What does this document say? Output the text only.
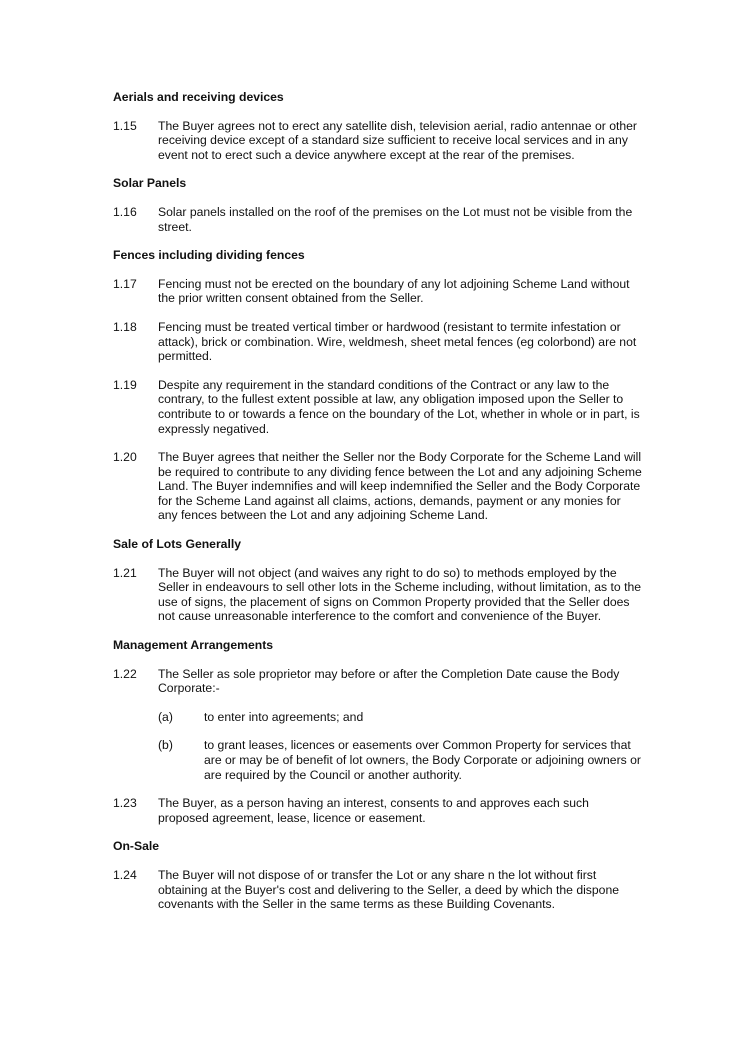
Aerials and receiving devices
1.15	The Buyer agrees not to erect any satellite dish, television aerial, radio antennae or other receiving device except of a standard size sufficient to receive local services and in any event not to erect such a device anywhere except at the rear of the premises.
Solar Panels
1.16	Solar panels installed on the roof of the premises on the Lot must not be visible from the street.
Fences including dividing fences
1.17	Fencing must not be erected on the boundary of any lot adjoining Scheme Land without the prior written consent obtained from the Seller.
1.18	Fencing must be treated vertical timber or hardwood (resistant to termite infestation or attack), brick or combination. Wire, weldmesh, sheet metal fences (eg colorbond) are not permitted.
1.19	Despite any requirement in the standard conditions of the Contract or any law to the contrary, to the fullest extent possible at law, any obligation imposed upon the Seller to contribute to or towards a fence on the boundary of the Lot, whether in whole or in part, is expressly negatived.
1.20	The Buyer agrees that neither the Seller nor the Body Corporate for the Scheme Land will be required to contribute to any dividing fence between the Lot and any adjoining Scheme Land. The Buyer indemnifies and will keep indemnified the Seller and the Body Corporate for the Scheme Land against all claims, actions, demands, payment or any monies for any fences between the Lot and any adjoining Scheme Land.
Sale of Lots Generally
1.21	The Buyer will not object (and waives any right to do so) to methods employed by the Seller in endeavours to sell other lots in the Scheme including, without limitation, as to the use of signs, the placement of signs on Common Property provided that the Seller does not cause unreasonable interference to the comfort and convenience of the Buyer.
Management Arrangements
1.22	The Seller as sole proprietor may before or after the Completion Date cause the Body Corporate:-
(a)	to enter into agreements; and
(b)	to grant leases, licences or easements over Common Property for services that are or may be of benefit of lot owners, the Body Corporate or adjoining owners or are required by the Council or another authority.
1.23	The Buyer, as a person having an interest, consents to and approves each such proposed agreement, lease, licence or easement.
On-Sale
1.24	The Buyer will not dispose of or transfer the Lot or any share n the lot without first obtaining at the Buyer's cost and delivering to the Seller, a deed by which the dispone covenants with the Seller in the same terms as these Building Covenants.
